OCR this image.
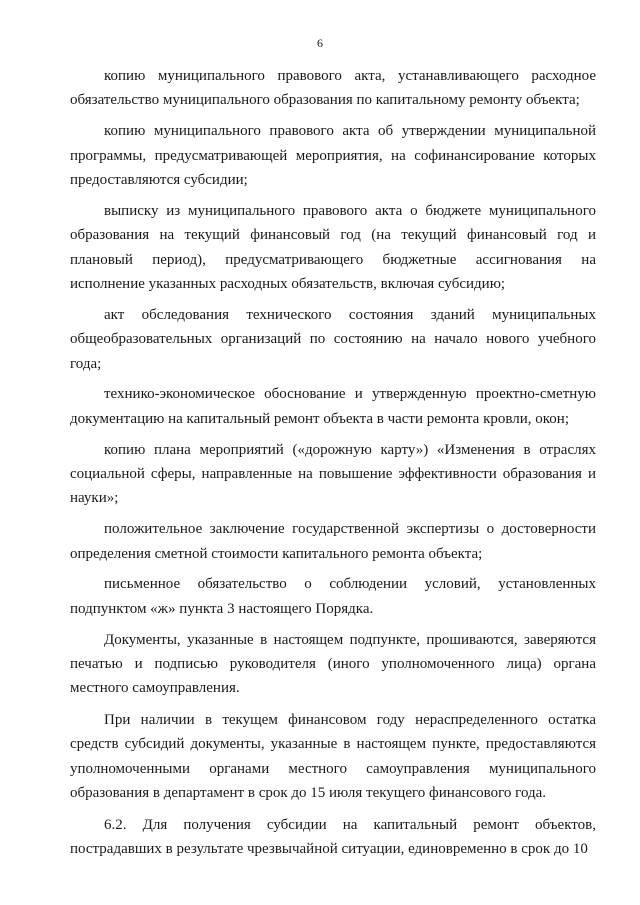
6

копию муниципального правового акта, устанавливающего расходное обязательство муниципального образования по капитальному ремонту объекта;

копию муниципального правового акта об утверждении муниципальной программы, предусматривающей мероприятия, на софинансирование которых предоставляются субсидии;

выписку из муниципального правового акта о бюджете муниципального образования на текущий финансовый год (на текущий финансовый год и плановый период), предусматривающего бюджетные ассигнования на исполнение указанных расходных обязательств, включая субсидию;

акт обследования технического состояния зданий муниципальных общеобразовательных организаций по состоянию на начало нового учебного года;

технико-экономическое обоснование и утвержденную проектно-сметную документацию на капитальный ремонт объекта в части ремонта кровли, окон;

копию плана мероприятий («дорожную карту») «Изменения в отраслях социальной сферы, направленные на повышение эффективности образования и науки»;

положительное заключение государственной экспертизы о достоверности определения сметной стоимости капитального ремонта объекта;

письменное обязательство о соблюдении условий, установленных подпунктом «ж» пункта 3 настоящего Порядка.

Документы, указанные в настоящем подпункте, прошиваются, заверяются печатью и подписью руководителя (иного уполномоченного лица) органа местного самоуправления.

При наличии в текущем финансовом году нераспределенного остатка средств субсидий документы, указанные в настоящем пункте, предоставляются уполномоченными органами местного самоуправления муниципального образования в департамент в срок до 15 июля текущего финансового года.

6.2. Для получения субсидии на капитальный ремонт объектов, пострадавших в результате чрезвычайной ситуации, единовременно в срок до 10
